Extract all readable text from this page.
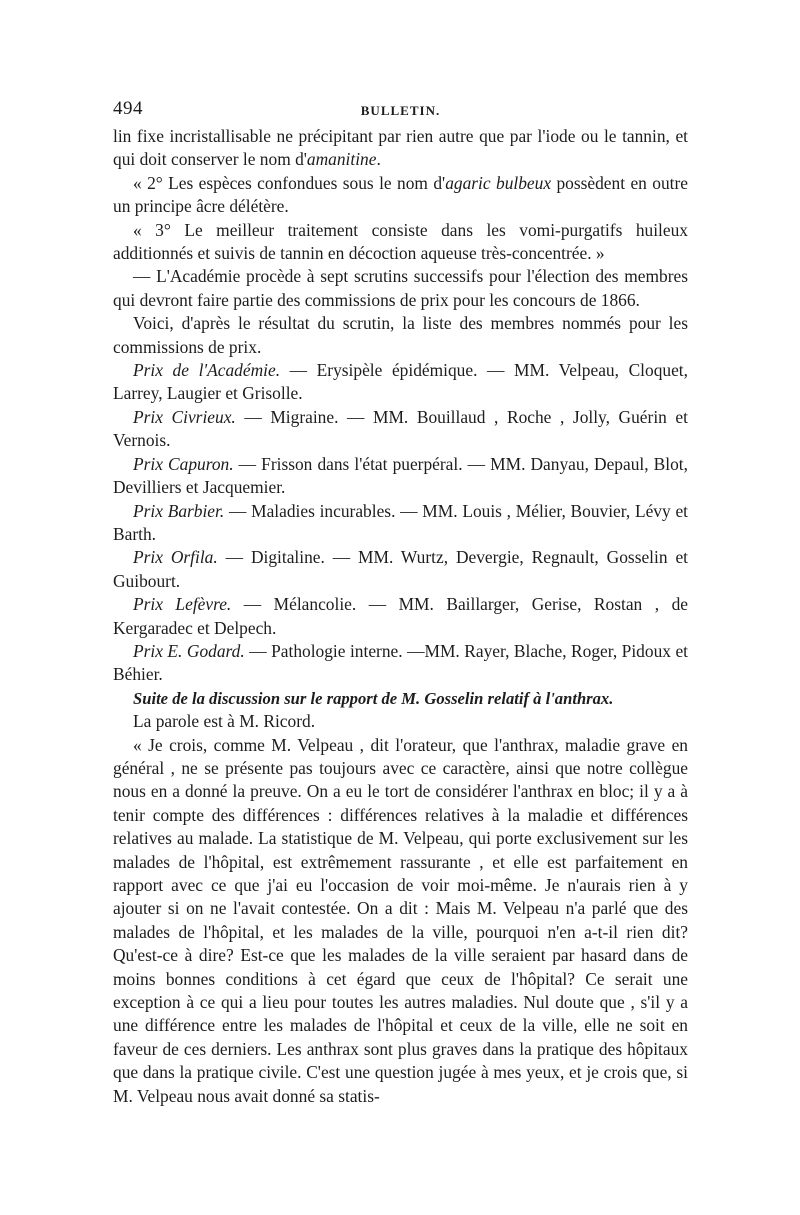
494	BULLETIN.

lin fixe incristallisable ne précipitant par rien autre que par l'iode ou le tannin, et qui doit conserver le nom d'amanitine.

« 2° Les espèces confondues sous le nom d'agaric bulbeux possèdent en outre un principe âcre délétère.

« 3° Le meilleur traitement consiste dans les vomi-purgatifs huileux additionnés et suivis de tannin en décoction aqueuse très-concentrée. »

— L'Académie procède à sept scrutins successifs pour l'élection des membres qui devront faire partie des commissions de prix pour les concours de 1866.

Voici, d'après le résultat du scrutin, la liste des membres nommés pour les commissions de prix.

Prix de l'Académie. — Erysipèle épidémique. — MM. Velpeau, Cloquet, Larrey, Laugier et Grisolle.

Prix Civrieux. — Migraine. — MM. Bouillaud , Roche , Jolly, Guérin et Vernois.

Prix Capuron. — Frisson dans l'état puerpéral. — MM. Danyau, Depaul, Blot, Devilliers et Jacquemier.

Prix Barbier. — Maladies incurables. — MM. Louis , Mélier, Bouvier, Lévy et Barth.

Prix Orfila. — Digitaline. — MM. Wurtz, Devergie, Regnault, Gosselin et Guibourt.

Prix Lefèvre. — Mélancolie. — MM. Baillarger, Gerise, Rostan , de Kergaradec et Delpech.

Prix E. Godard. — Pathologie interne. —MM. Rayer, Blache, Roger, Pidoux et Béhier.

Suite de la discussion sur le rapport de M. Gosselin relatif à l'anthrax.

La parole est à M. Ricord.

« Je crois, comme M. Velpeau , dit l'orateur, que l'anthrax, maladie grave en général , ne se présente pas toujours avec ce caractère, ainsi que notre collègue nous en a donné la preuve. On a eu le tort de considérer l'anthrax en bloc; il y a à tenir compte des différences : différences relatives à la maladie et différences relatives au malade. La statistique de M. Velpeau, qui porte exclusivement sur les malades de l'hôpital, est extrêmement rassurante , et elle est parfaitement en rapport avec ce que j'ai eu l'occasion de voir moi-même. Je n'aurais rien à y ajouter si on ne l'avait contestée. On a dit : Mais M. Velpeau n'a parlé que des malades de l'hôpital, et les malades de la ville, pourquoi n'en a-t-il rien dit? Qu'est-ce à dire? Est-ce que les malades de la ville seraient par hasard dans de moins bonnes conditions à cet égard que ceux de l'hôpital? Ce serait une exception à ce qui a lieu pour toutes les autres maladies. Nul doute que , s'il y a une différence entre les malades de l'hôpital et ceux de la ville, elle ne soit en faveur de ces derniers. Les anthrax sont plus graves dans la pratique des hôpitaux que dans la pratique civile. C'est une question jugée à mes yeux, et je crois que, si M. Velpeau nous avait donné sa statis-
